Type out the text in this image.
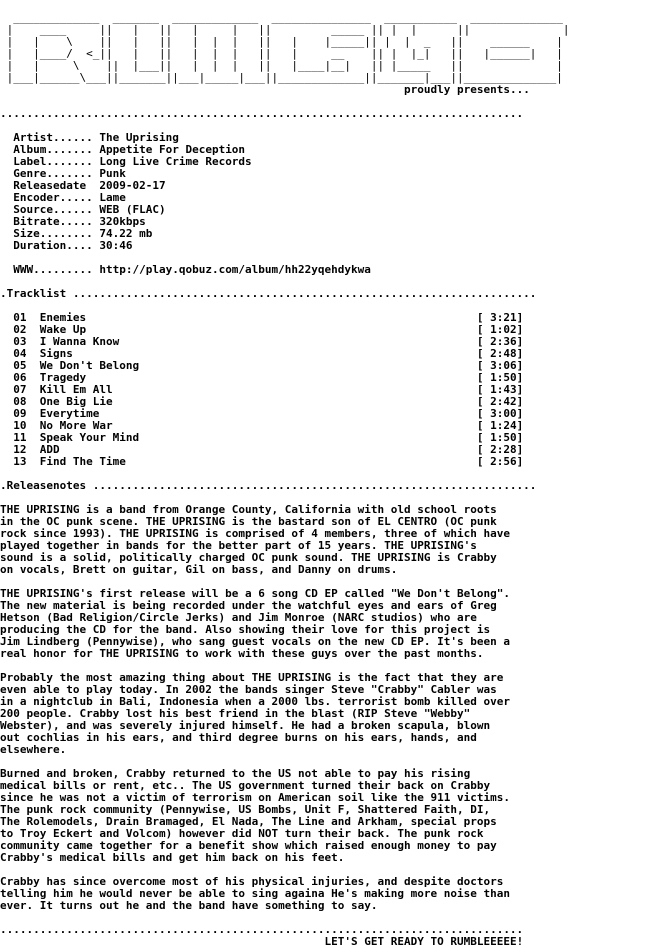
_____________  _______  _____________  _______________  ___________  ______________
|    ____     ||   |   ||   |     |   ||         _____ || |  |      ||              |
|   |    \    ||   |   ||   |  |  |   ||   |    |_____|| |  |  _   ||    ______    |
|   |____/  <_||   |   ||   |  |  |   ||   |     __    || |  |_|   ||   |______|   |
|   |     \    ||  |___||   |  |  |   ||   |____|__|   || |_____   ||              |
|___|______\___||_______||___|_____|___||_____________||_______|___||______________|
proudly presents...

...............................................................................

Artist...... The Uprising
Album....... Appetite For Deception
Label....... Long Live Crime Records
Genre....... Punk
Releasedate  2009-02-17
Encoder..... Lame
Source...... WEB (FLAC)
Bitrate..... 320kbps
Size........ 74.22 mb
Duration.... 30:46

WWW......... http://play.qobuz.com/album/hh22yqehdykwa

.Tracklist ......................................................................

01 Enemies	[ 3:21]
02 Wake Up	[ 1:02]
03 I Wanna Know	[ 2:36]
04 Signs	[ 2:48]
05 We Don't Belong	[ 3:06]
06 Tragedy	[ 1:50]
07 Kill Em All	[ 1:43]
08 One Big Lie	[ 2:42]
09 Everytime	[ 3:00]
10 No More War	[ 1:24]
11 Speak Your Mind	[ 1:50]
12 ADD	[ 2:28]
13 Find The Time	[ 2:56]

.Releasenotes ...................................................................

THE UPRISING is a band from Orange County, California with old school roots
in the OC punk scene. THE UPRISING is the bastard son of EL CENTRO (OC punk
rock since 1993). THE UPRISING is comprised of 4 members, three of which have
played together in bands for the better part of 15 years. THE UPRISING's
sound is a solid, politically charged OC punk sound. THE UPRISING is Crabby
on vocals, Brett on guitar, Gil on bass, and Danny on drums.

THE UPRISING's first release will be a 6 song CD EP called "We Don't Belong".
The new material is being recorded under the watchful eyes and ears of Greg
Hetson (Bad Religion/Circle Jerks) and Jim Monroe (NARC studios) who are
producing the CD for the band. Also showing their love for this project is
Jim Lindberg (Pennywise), who sang guest vocals on the new CD EP. It's been a
real honor for THE UPRISING to work with these guys over the past months.

Probably the most amazing thing about THE UPRISING is the fact that they are
even able to play today. In 2002 the bands singer Steve "Crabby" Cabler was
in a nightclub in Bali, Indonesia when a 2000 lbs. terrorist bomb killed over
200 people. Crabby lost his best friend in the blast (RIP Steve "Webby"
Webster), and was severely injured himself. He had a broken scapula, blown
out cochlias in his ears, and third degree burns on his ears, hands, and
elsewhere.

Burned and broken, Crabby returned to the US not able to pay his rising
medical bills or rent, etc.. The US government turned their back on Crabby
since he was not a victim of terrorism on American soil like the 911 victims.
The punk rock community (Pennywise, US Bombs, Unit F, Shattered Faith, DI,
The Rolemodels, Drain Bramaged, El Nada, The Line and Arkham, special props
to Troy Eckert and Volcom) however did NOT turn their back. The punk rock
community came together for a benefit show which raised enough money to pay
Crabby's medical bills and get him back on his feet.

Crabby has since overcome most of his physical injuries, and despite doctors
telling him he would never be able to sing againa He's making more noise than
ever. It turns out he and the band have something to say.

...............................................................................
LET'S GET READY TO RUMBLEEEEE!
